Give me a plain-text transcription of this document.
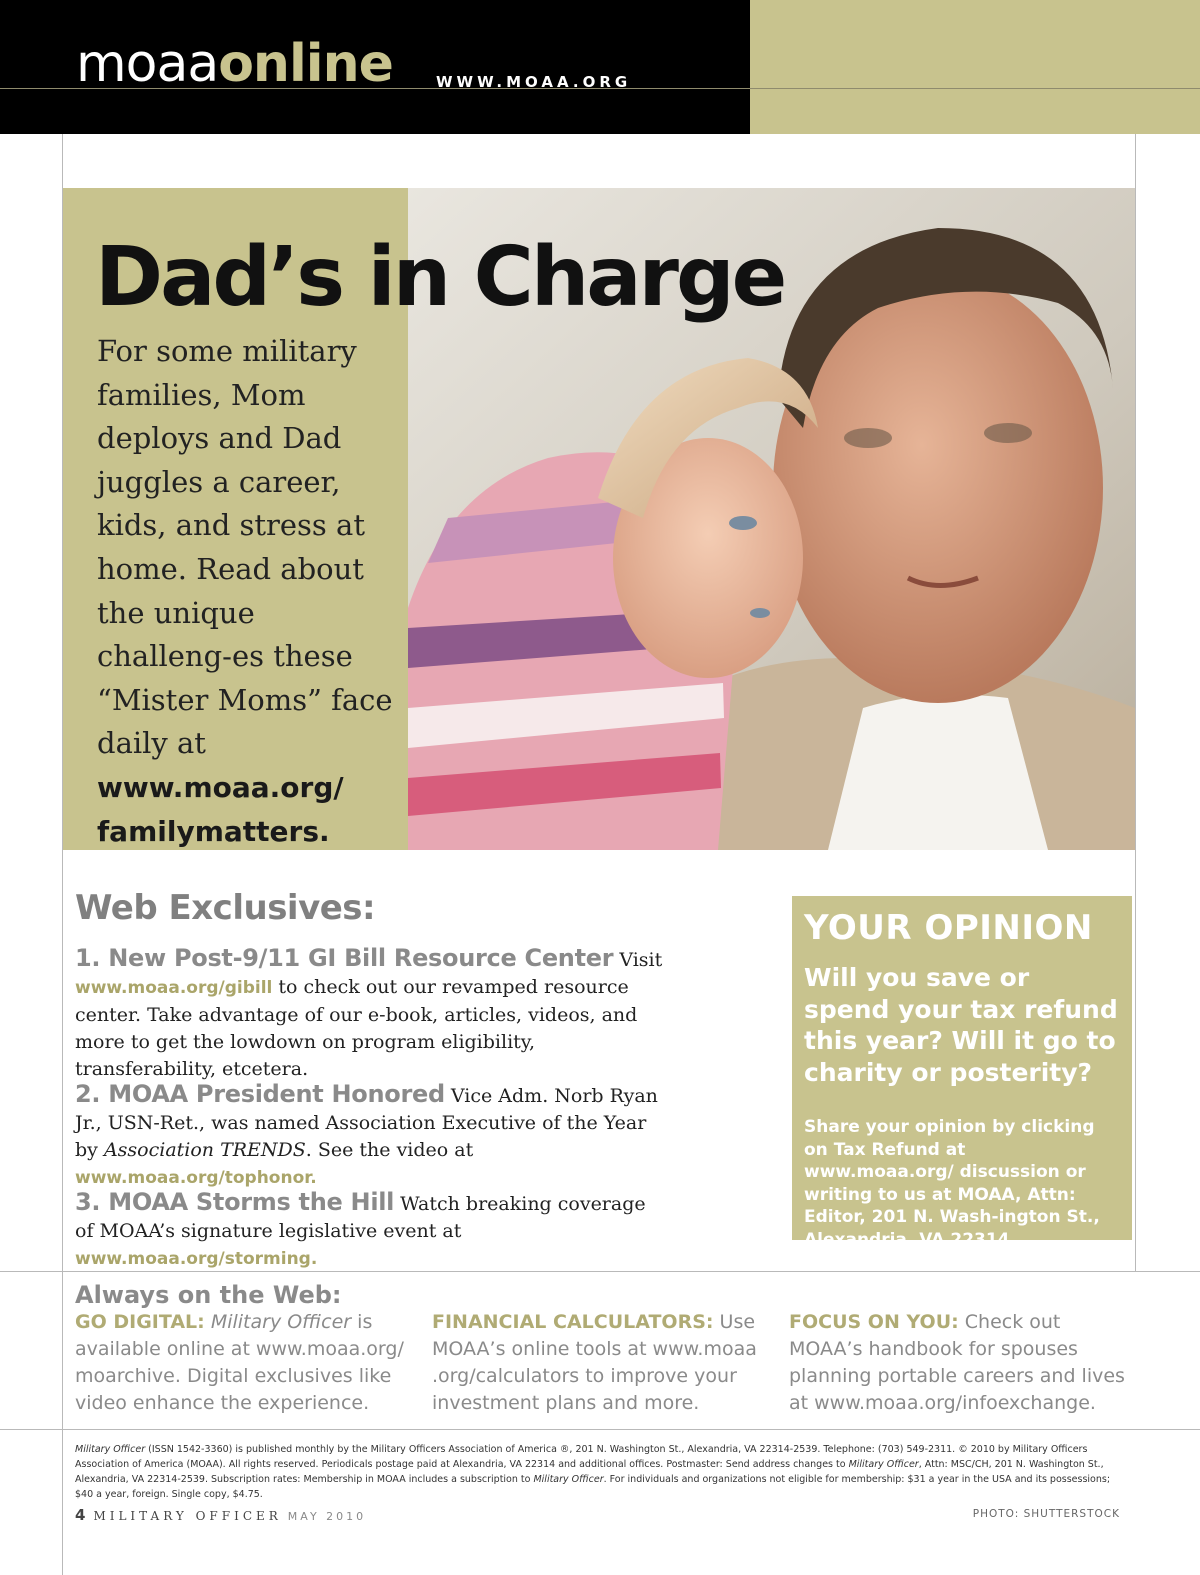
moaaonline	WWW.MOAA.ORG
Dad’s in Charge
For some military families, Mom deploys and Dad juggles a career, kids, and stress at home. Read about the unique challeng-es these “Mister Moms” face daily at www.moaa.org/ familymatters.
Web Exclusives:
1. New Post-9/11 GI Bill Resource Center Visit www.moaa.org/gibill to check out our revamped resource center. Take advantage of our e-book, articles, videos, and more to get the lowdown on program eligibility, transferability, etcetera.
2. MOAA President Honored Vice Adm. Norb Ryan Jr., USN-Ret., was named Association Executive of the Year by Association TRENDS. See the video at www.moaa.org/tophonor.
3. MOAA Storms the Hill Watch breaking coverage of MOAA’s signature legislative event at www.moaa.org/storming.
YOUR OPINION
Will you save or spend your tax refund this year? Will it go to charity or posterity?
Share your opinion by clicking on Tax Refund at www.moaa.org/ discussion or writing to us at MOAA, Attn: Editor, 201 N. Wash-ington St., Alexandria, VA 22314.
Always on the Web:
GO DIGITAL: Military Officer is available online at www.moaa.org/ moarchive. Digital exclusives like video enhance the experience.
FINANCIAL CALCULATORS: Use MOAA’s online tools at www.moaa .org/calculators to improve your investment plans and more.
FOCUS ON YOU: Check out MOAA’s handbook for spouses planning portable careers and lives at www.moaa.org/infoexchange.
Military Officer (ISSN 1542-3360) is published monthly by the Military Officers Association of America ®, 201 N. Washington St., Alexandria, VA 22314-2539. Telephone: (703) 549-2311. © 2010 by Military Officers Association of America (MOAA). All rights reserved. Periodicals postage paid at Alexandria, VA 22314 and additional offices. Postmaster: Send address changes to Military Officer, Attn: MSC/CH, 201 N. Washington St., Alexandria, VA 22314-2539. Subscription rates: Membership in MOAA includes a subscription to Military Officer. For individuals and organizations not eligible for membership: $31 a year in the USA and its possessions; $40 a year, foreign. Single copy, $4.75.
4 MILITARY OFFICER MAY 2010	PHOTO: SHUTTERSTOCK
